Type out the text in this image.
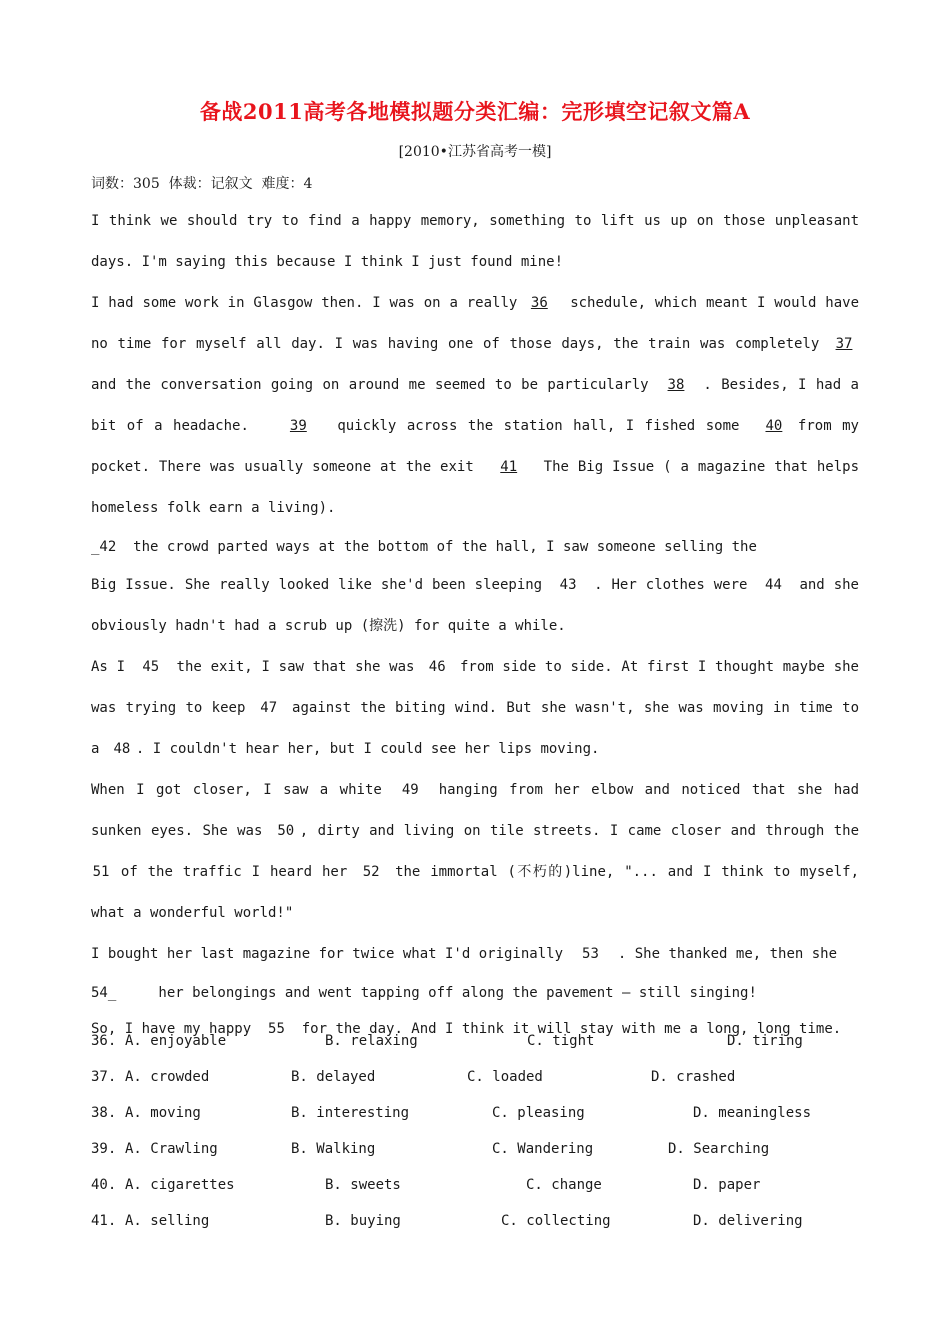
备战2011高考各地模拟题分类汇编：完形填空记叙文篇A
[2010•江苏省高考一模]
词数：305  体裁：记叙文  难度：4
I think we should try to find a happy memory, something to lift us up on those unpleasant days. I'm saying this because I think I just found mine!
I had some work in Glasgow then. I was on a really 36 schedule, which meant I would have no time for myself all day. I was having one of those days, the train was completely 37 and the conversation going on around me seemed to be particularly 38 . Besides, I had a bit of a headache.	39 quickly across the station hall, I fished some 40 from my pocket. There was usually someone at the exit 41 The Big Issue ( a magazine that helps homeless folk earn a living).
_42  the crowd parted ways at the bottom of the hall, I saw someone selling the
Big Issue. She really looked like she'd been sleeping 43 . Her clothes were 44 and she obviously hadn't had a scrub up (擦洗) for quite a while.
As I 45 the exit, I saw that she was 46 from side to side. At first I thought maybe she was trying to keep 47 against the biting wind. But she wasn't, she was moving in time to a 48 . I couldn't hear her, but I could see her lips moving.
When I got closer, I saw a white 49 hanging from her elbow and noticed that she had sunken eyes. She was 50 , dirty and living on tile streets. I came closer and through the 51 of the traffic I heard her 52 the immortal (不朽的)line, "... and I think to myself, what a wonderful world!"
I bought her last magazine for twice what I'd originally 53 . She thanked me, then she
54_     her belongings and went tapping off along the pavement – still singing!
So, I have my happy 55 for the day. And I think it will stay with me a long, long time.
36. A. enjoyable	B. relaxing	C. tight	D. tiring
37. A. crowded	B. delayed	C. loaded	D. crashed
38. A. moving	B. interesting	C. pleasing	D. meaningless
39. A. Crawling	B. Walking	C. Wandering	D. Searching
40. A. cigarettes	B. sweets	C. change	D. paper
41. A. selling	B. buying	C. collecting	D. delivering
